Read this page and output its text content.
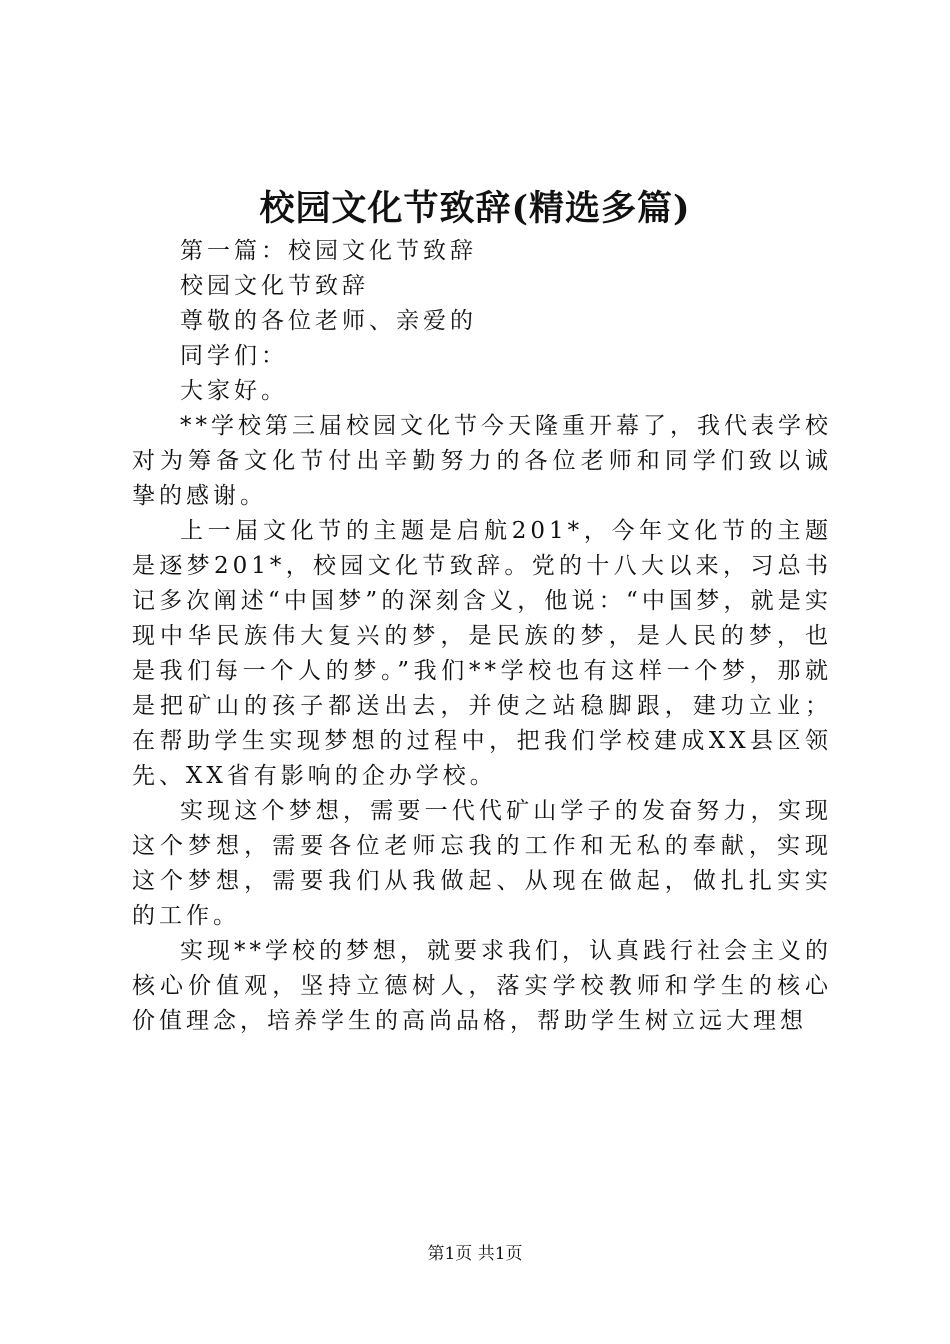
校园文化节致辞(精选多篇)

第一篇：校园文化节致辞

校园文化节致辞

尊敬的各位老师、亲爱的

同学们：

大家好。

**学校第三届校园文化节今天隆重开幕了，我代表学校对为筹备文化节付出辛勤努力的各位老师和同学们致以诚挚的感谢。

上一届文化节的主题是启航201*，今年文化节的主题是逐梦201*，校园文化节致辞。党的十八大以来，习总书记多次阐述“中国梦”的深刻含义，他说：“中国梦，就是实现中华民族伟大复兴的梦，是民族的梦，是人民的梦，也是我们每一个人的梦。”我们**学校也有这样一个梦，那就是把矿山的孩子都送出去，并使之站稳脚跟，建功立业；在帮助学生实现梦想的过程中，把我们学校建成XX县区领先、XX省有影响的企办学校。

实现这个梦想，需要一代代矿山学子的发奋努力，实现这个梦想，需要各位老师忘我的工作和无私的奉献，实现这个梦想，需要我们从我做起、从现在做起，做扎扎实实的工作。

实现**学校的梦想，就要求我们，认真践行社会主义的核心价值观，坚持立德树人，落实学校教师和学生的核心价值理念，培养学生的高尚品格，帮助学生树立远大理想

第1页 共1页
